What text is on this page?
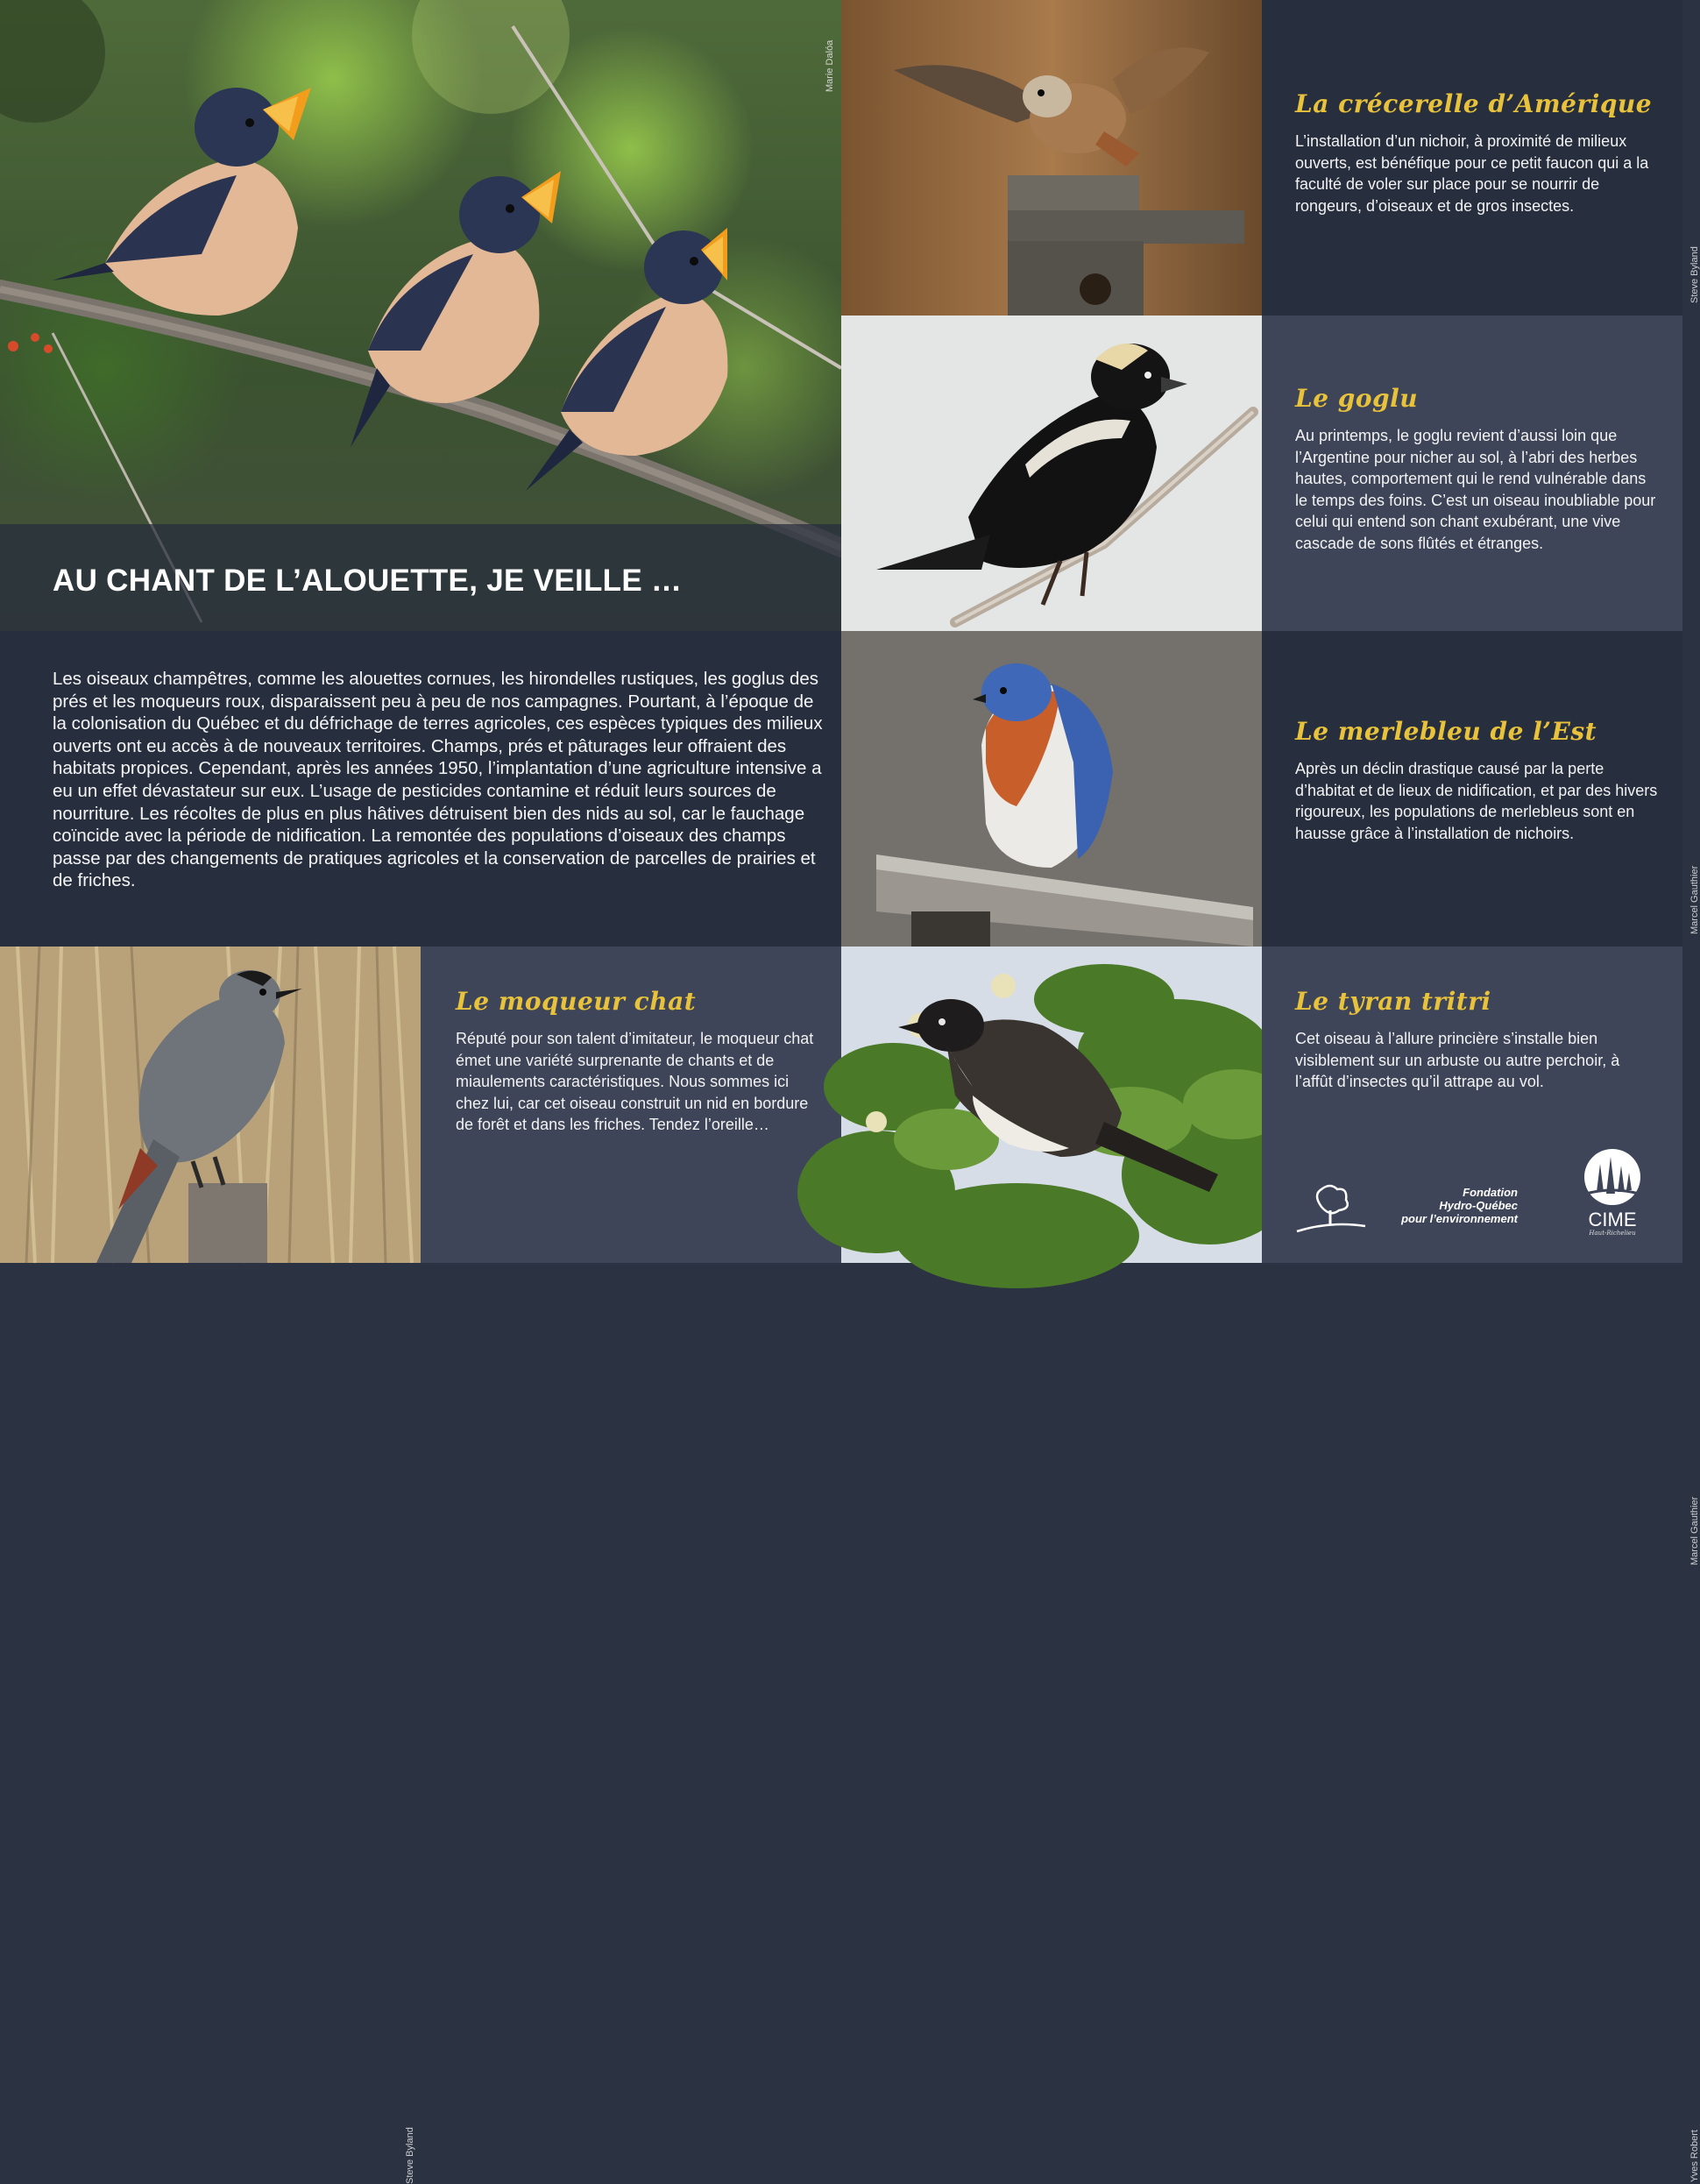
Marie Dalóa
AU CHANT DE L’ALOUETTE, JE VEILLE …

Les oiseaux champêtres, comme les alouettes cornues, les hirondelles rustiques, les goglus des prés et les moqueurs roux, disparaissent peu à peu de nos campagnes. Pourtant, à l’époque de la colonisation du Québec et du défrichage de terres agricoles, ces espèces typiques des milieux ouverts ont eu accès à de nouveaux territoires. Champs, prés et pâturages leur offraient des habitats propices. Cependant, après les années 1950, l’implantation d’une agriculture intensive a eu un effet dévastateur sur eux. L’usage de pesticides contamine et réduit leurs sources de nourriture. Les récoltes de plus en plus hâtives détruisent bien des nids au sol, car le fauchage coïncide avec la période de nidification. La remontée des populations d’oiseaux des champs passe par des changements de pratiques agricoles et la conservation de parcelles de prairies et de friches.

Steve Byland
Le moqueur chat

Réputé pour son talent d’imitateur, le moqueur chat émet une variété surprenante de chants et de miaulements caractéristiques. Nous sommes ici chez lui, car cet oiseau construit un nid en bordure de forêt et dans les friches. Tendez l’oreille…

Steve Byland
La crécerelle d’Amérique

L’installation d’un nichoir, à proximité de milieux ouverts, est bénéfique pour ce petit faucon qui a la faculté de voler sur place pour se nourrir de rongeurs, d’oiseaux et de gros insectes.

Marcel Gauthier
Le goglu

Au printemps, le goglu revient d’aussi loin que l’Argentine pour nicher au sol, à l’abri des herbes hautes, comportement qui le rend vulnérable dans le temps des foins. C’est un oiseau inoubliable pour celui qui entend son chant exubérant, une vive cascade de sons flûtés et étranges.

Marcel Gauthier
Le merlebleu de l’Est

Après un déclin drastique causé par la perte d’habitat et de lieux de nidification, et par des hivers rigoureux, les populations de merlebleus sont en hausse grâce à l’installation de nichoirs.

Yves Robert
Le tyran tritri

Cet oiseau à l’allure princière s’installe bien visiblement sur un arbuste ou autre perchoir, à l’affût d’insectes qu’il attrape au vol.

Fondation
Hydro-Québec
pour l’environnement	CIME
Haut-Richelieu
